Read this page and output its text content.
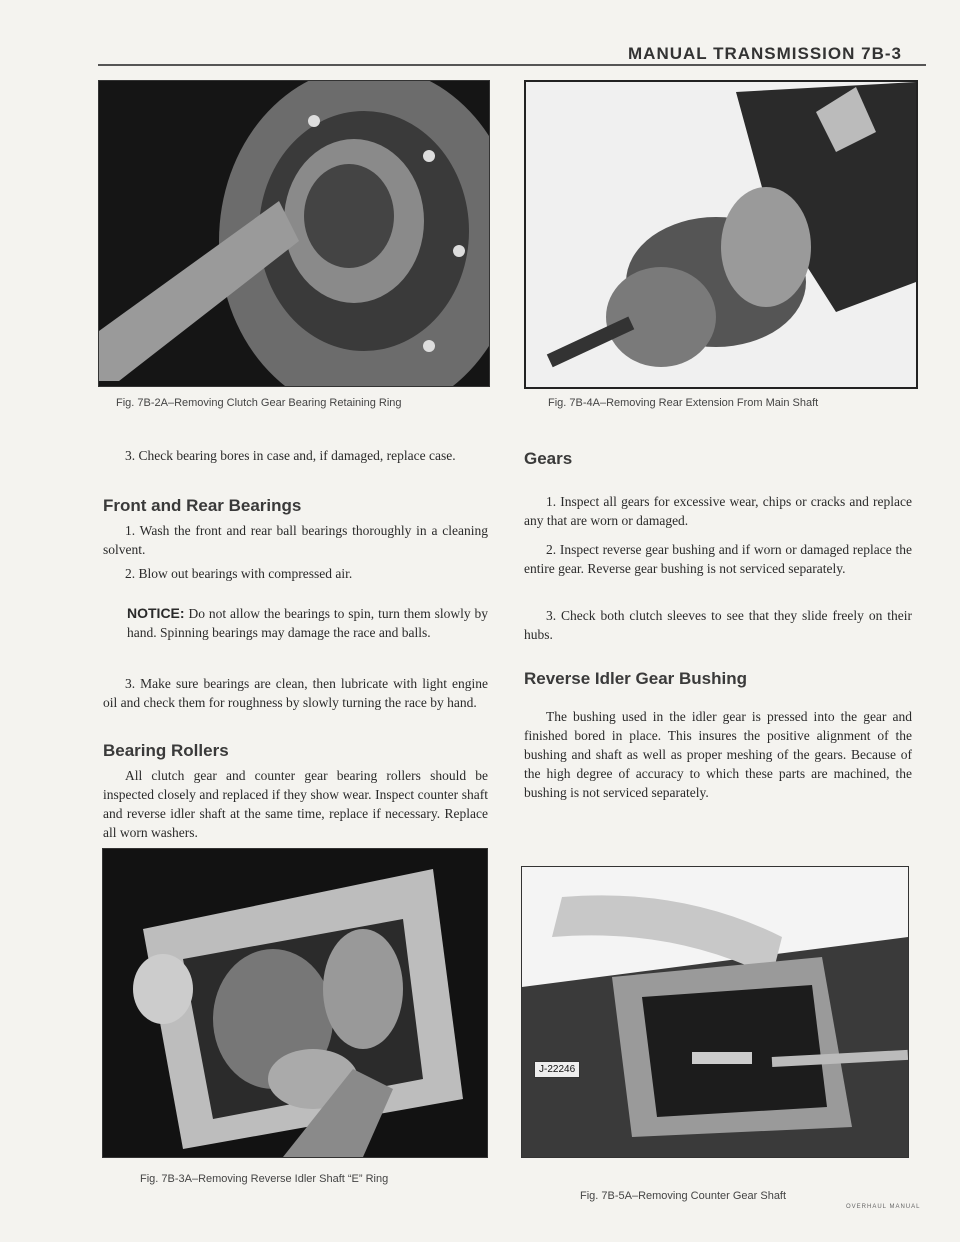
MANUAL TRANSMISSION 7B-3
Fig. 7B-2A–Removing Clutch Gear Bearing Retaining Ring	Fig. 7B-4A–Removing Rear Extension From Main Shaft

3. Check bearing bores in case and, if damaged, replace case.

Front and Rear Bearings

1. Wash the front and rear ball bearings thoroughly in a cleaning solvent.

2. Blow out bearings with compressed air.

NOTICE: Do not allow the bearings to spin, turn them slowly by hand. Spinning bearings may damage the race and balls.

3. Make sure bearings are clean, then lubricate with light engine oil and check them for roughness by slowly turning the race by hand.

Bearing Rollers

All clutch gear and counter gear bearing rollers should be inspected closely and replaced if they show wear. Inspect counter shaft and reverse idler shaft at the same time, replace if necessary. Replace all worn washers.

Fig. 7B-3A–Removing Reverse Idler Shaft “E” Ring
Gears

1. Inspect all gears for excessive wear, chips or cracks and replace any that are worn or damaged.

2. Inspect reverse gear bushing and if worn or damaged replace the entire gear. Reverse gear bushing is not serviced separately.

3. Check both clutch sleeves to see that they slide freely on their hubs.

Reverse Idler Gear Bushing

The bushing used in the idler gear is pressed into the gear and finished bored in place. This insures the positive alignment of the bushing and shaft as well as proper meshing of the gears. Because of the high degree of accuracy to which these parts are machined, the bushing is not serviced separately.

J-22246
Fig. 7B-5A–Removing Counter Gear Shaft
OVERHAUL MANUAL
